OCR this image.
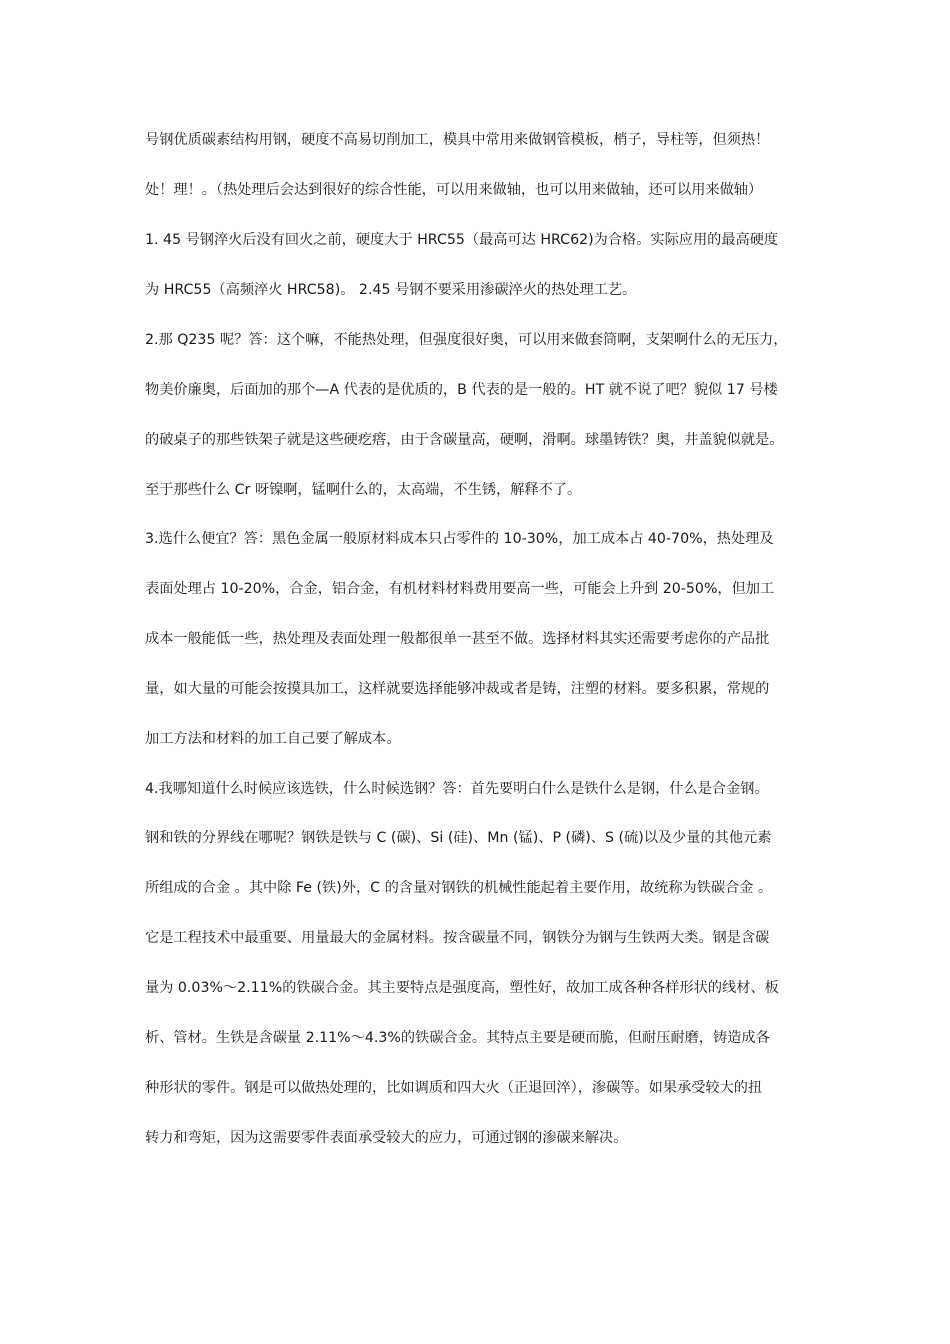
号钢优质碳素结构用钢，硬度不高易切削加工，模具中常用来做钢管模板，梢子，导柱等，但须热！
处！理！。（热处理后会达到很好的综合性能，可以用来做轴，也可以用来做轴，还可以用来做轴）
1. 45 号钢淬火后没有回火之前，硬度大于 HRC55（最高可达 HRC62)为合格。实际应用的最高硬度
为 HRC55（高频淬火 HRC58)。 2.45 号钢不要采用渗碳淬火的热处理工艺。
2.那 Q235 呢？答：这个嘛，不能热处理，但强度很好奥，可以用来做套筒啊，支架啊什么的无压力，
物美价廉奥，后面加的那个—A 代表的是优质的，B 代表的是一般的。HT 就不说了吧？貌似 17 号楼
的破桌子的那些铁架子就是这些硬疙瘩，由于含碳量高，硬啊，滑啊。球墨铸铁？奥，井盖貌似就是。
至于那些什么 Cr 呀镍啊，锰啊什么的，太高端，不生锈，解释不了。
3.选什么便宜？答：黑色金属一般原材料成本只占零件的 10-30%，加工成本占 40-70%，热处理及
表面处理占 10-20%，合金，铝合金，有机材料材料费用要高一些，可能会上升到 20-50%，但加工
成本一般能低一些，热处理及表面处理一般都很单一甚至不做。选择材料其实还需要考虑你的产品批
量，如大量的可能会按摸具加工，这样就要选择能够冲裁或者是铸，注塑的材料。要多积累，常规的
加工方法和材料的加工自己要了解成本。
4.我哪知道什么时候应该选铁，什么时候选钢？答：首先要明白什么是铁什么是钢，什么是合金钢。
钢和铁的分界线在哪呢？钢铁是铁与 C (碳)、Si (硅)、Mn (锰)、P (磷)、S (硫)以及少量的其他元素
所组成的合金 。其中除 Fe (铁)外，C 的含量对钢铁的机械性能起着主要作用，故统称为铁碳合金 。
它是工程技术中最重要、用量最大的金属材料。按含碳量不同，钢铁分为钢与生铁两大类。钢是含碳
量为 0.03%～2.11%的铁碳合金。其主要特点是强度高，塑性好，故加工成各种各样形状的线材、板
析、管材。生铁是含碳量 2.11%～4.3%的铁碳合金。其特点主要是硬而脆，但耐压耐磨，铸造成各
种形状的零件。钢是可以做热处理的，比如调质和四大火（正退回淬），渗碳等。如果承受较大的扭
转力和弯矩，因为这需要零件表面承受较大的应力，可通过钢的渗碳来解决。
